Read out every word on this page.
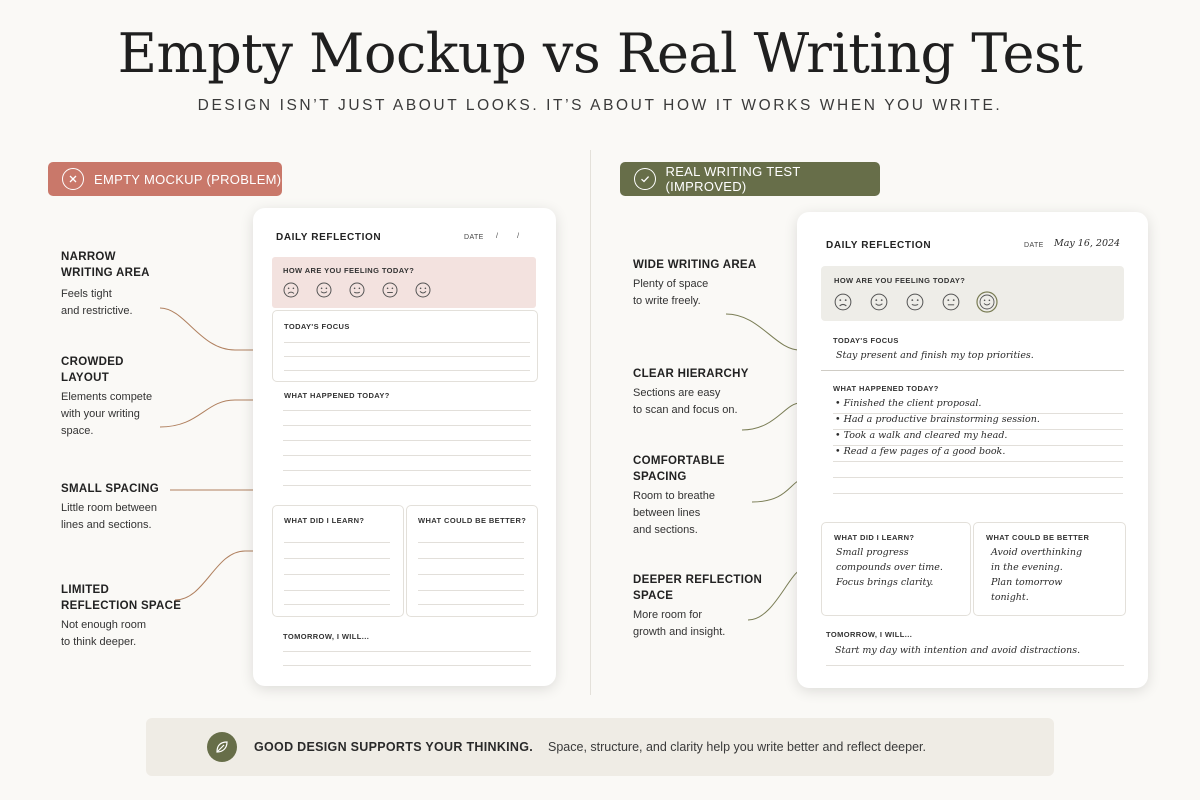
Empty Mockup vs Real Writing Test
DESIGN ISN’T JUST ABOUT LOOKS. IT’S ABOUT HOW IT WORKS WHEN YOU WRITE.
EMPTY MOCKUP (PROBLEM)	REAL WRITING TEST (IMPROVED)
NARROW
WRITING AREA
Feels tight
and restrictive.
CROWDED
LAYOUT
Elements compete
with your writing
space.
SMALL SPACING
Little room between
lines and sections.
LIMITED
REFLECTION SPACE
Not enough room
to think deeper.
WIDE WRITING AREA
Plenty of space
to write freely.
CLEAR HIERARCHY
Sections are easy
to scan and focus on.
COMFORTABLE
SPACING
Room to breathe
between lines
and sections.
DEEPER REFLECTION
SPACE
More room for
growth and insight.
DAILY REFLECTION	DATE /        /
HOW ARE YOU FEELING TODAY?
TODAY'S FOCUS
WHAT HAPPENED TODAY?
WHAT DID I LEARN?	WHAT COULD BE BETTER?
TOMORROW, I WILL...
DAILY REFLECTION	DATE May 16, 2024
HOW ARE YOU FEELING TODAY?
TODAY'S FOCUS
Stay present and finish my top priorities.
WHAT HAPPENED TODAY?
• Finished the client proposal.
• Had a productive brainstorming session.
• Took a walk and cleared my head.
• Read a few pages of a good book.
WHAT DID I LEARN?
Small progress
compounds over time.
Focus brings clarity.
WHAT COULD BE BETTER
Avoid overthinking
in the evening.
Plan tomorrow
tonight.
TOMORROW, I WILL...
Start my day with intention and avoid distractions.
GOOD DESIGN SUPPORTS YOUR THINKING. Space, structure, and clarity help you write better and reflect deeper.
